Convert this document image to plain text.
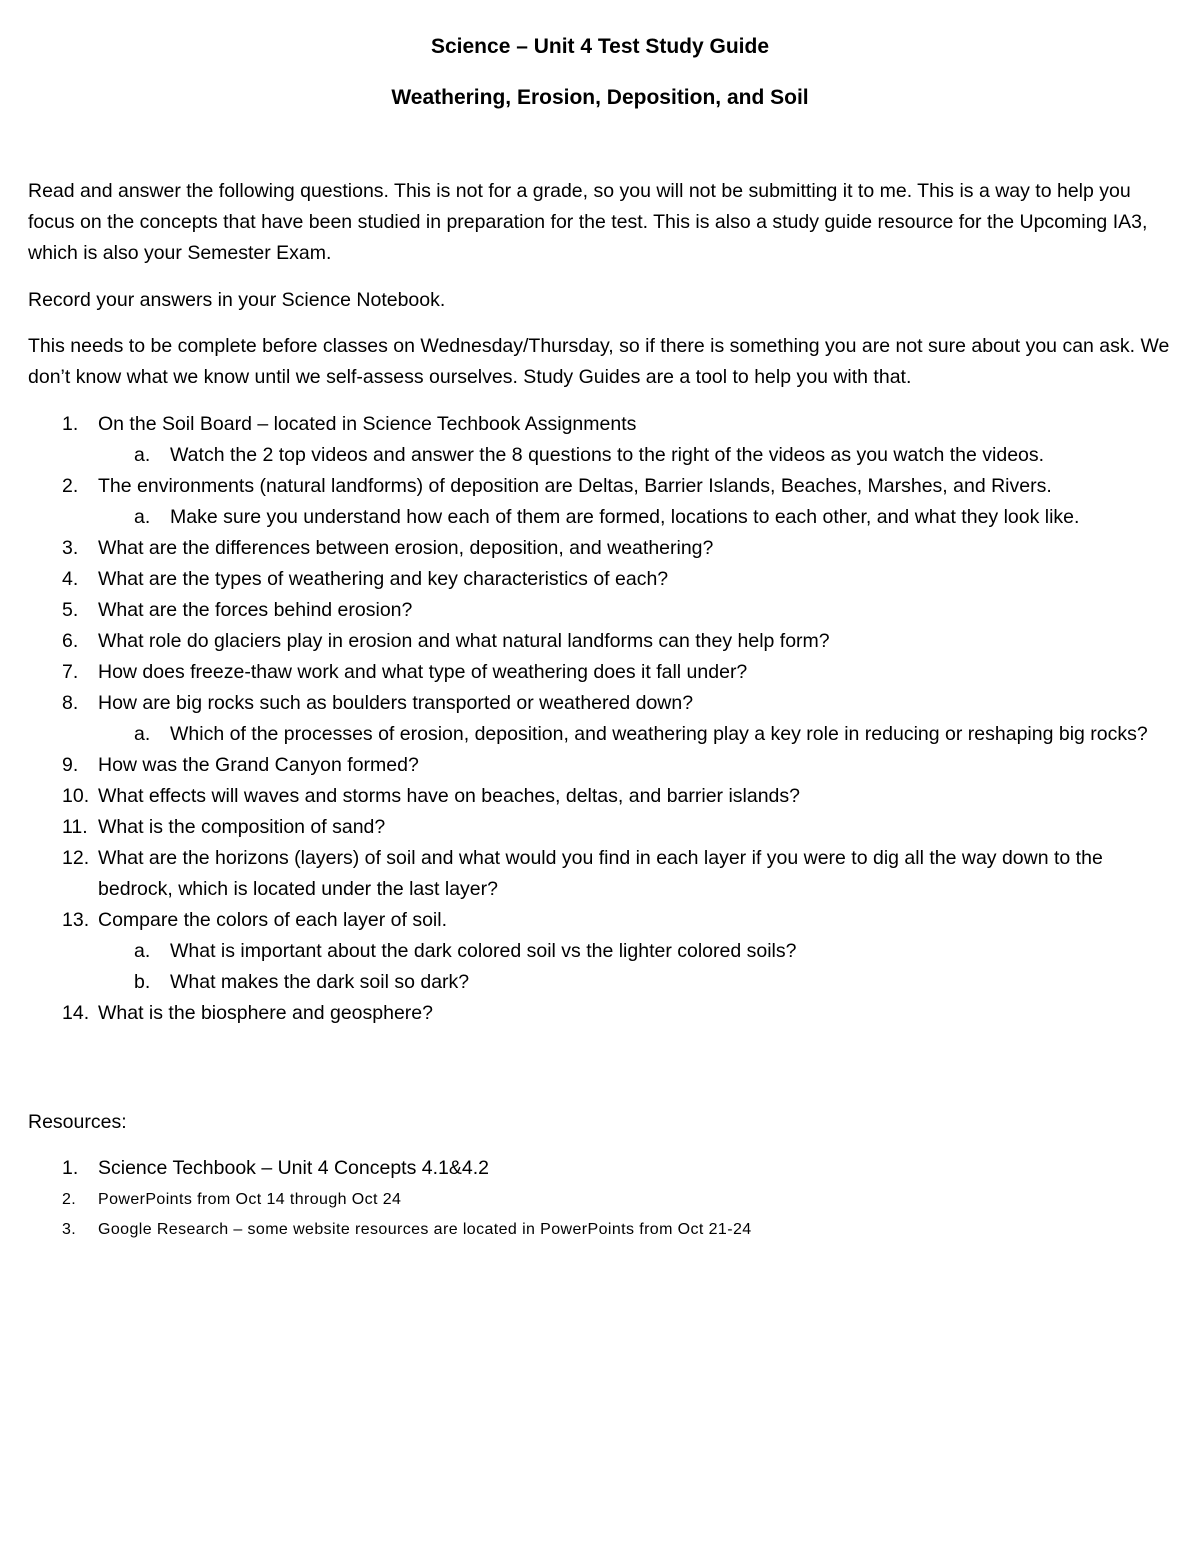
Science – Unit 4 Test Study Guide
Weathering, Erosion, Deposition, and Soil
Read and answer the following questions. This is not for a grade, so you will not be submitting it to me. This is a way to help you focus on the concepts that have been studied in preparation for the test. This is also a study guide resource for the Upcoming IA3, which is also your Semester Exam.
Record your answers in your Science Notebook.
This needs to be complete before classes on Wednesday/Thursday, so if there is something you are not sure about you can ask. We don’t know what we know until we self-assess ourselves. Study Guides are a tool to help you with that.
1. On the Soil Board – located in Science Techbook Assignments
a. Watch the 2 top videos and answer the 8 questions to the right of the videos as you watch the videos.
2. The environments (natural landforms) of deposition are Deltas, Barrier Islands, Beaches, Marshes, and Rivers.
a. Make sure you understand how each of them are formed, locations to each other, and what they look like.
3. What are the differences between erosion, deposition, and weathering?
4. What are the types of weathering and key characteristics of each?
5. What are the forces behind erosion?
6. What role do glaciers play in erosion and what natural landforms can they help form?
7. How does freeze-thaw work and what type of weathering does it fall under?
8. How are big rocks such as boulders transported or weathered down?
a. Which of the processes of erosion, deposition, and weathering play a key role in reducing or reshaping big rocks?
9. How was the Grand Canyon formed?
10. What effects will waves and storms have on beaches, deltas, and barrier islands?
11. What is the composition of sand?
12. What are the horizons (layers) of soil and what would you find in each layer if you were to dig all the way down to the bedrock, which is located under the last layer?
13. Compare the colors of each layer of soil.
a. What is important about the dark colored soil vs the lighter colored soils?
b. What makes the dark soil so dark?
14. What is the biosphere and geosphere?
Resources:
1. Science Techbook – Unit 4 Concepts 4.1&4.2
2. PowerPoints from Oct 14 through Oct 24
3. Google Research – some website resources are located in PowerPoints from Oct 21-24
